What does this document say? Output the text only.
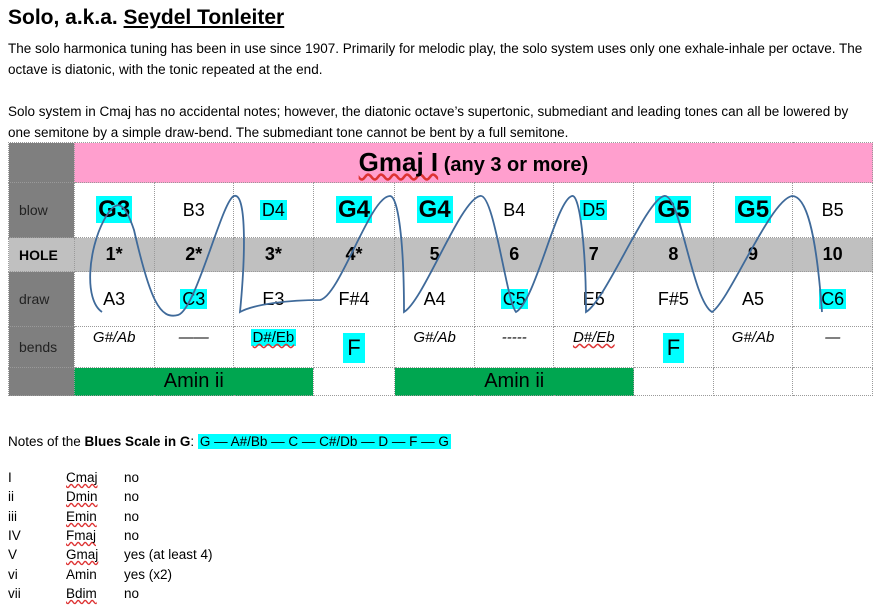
Solo, a.k.a. Seydel Tonleiter
The solo harmonica tuning has been in use since 1907. Primarily for melodic play, the solo system uses only one exhale-inhale per octave. The octave is diatonic, with the tonic repeated at the end.
Solo system in Cmaj has no accidental notes; however, the diatonic octave’s supertonic, submediant and leading tones can all be lowered by one semitone by a simple draw-bend. The submediant tone cannot be bent by a full semitone.
	Gmaj I (any 3 or more)									
blow	G3	B3	D4	G4	G4	B4	D5	G5	G5	B5
HOLE	1*	2*	3*	4*	5	6	7	8	9	10
draw	A3	C3	E3	F#4	A4	C5	E5	F#5	A5	C6
bends	G#/Ab	——	D#/Eb	F	G#/Ab	-----	D#/Eb	F	G#/Ab	—
	Amin ii				Amin ii					
Notes of the Blues Scale in G: G — A#/Bb — C — C#/Db — D — F — G
I	Cmaj no
ii	Dmin no
iii	Emin no
IV	Fmaj no
V	Gmaj yes (at least 4)
vi	Amin yes (x2)
vii	Bdim no
